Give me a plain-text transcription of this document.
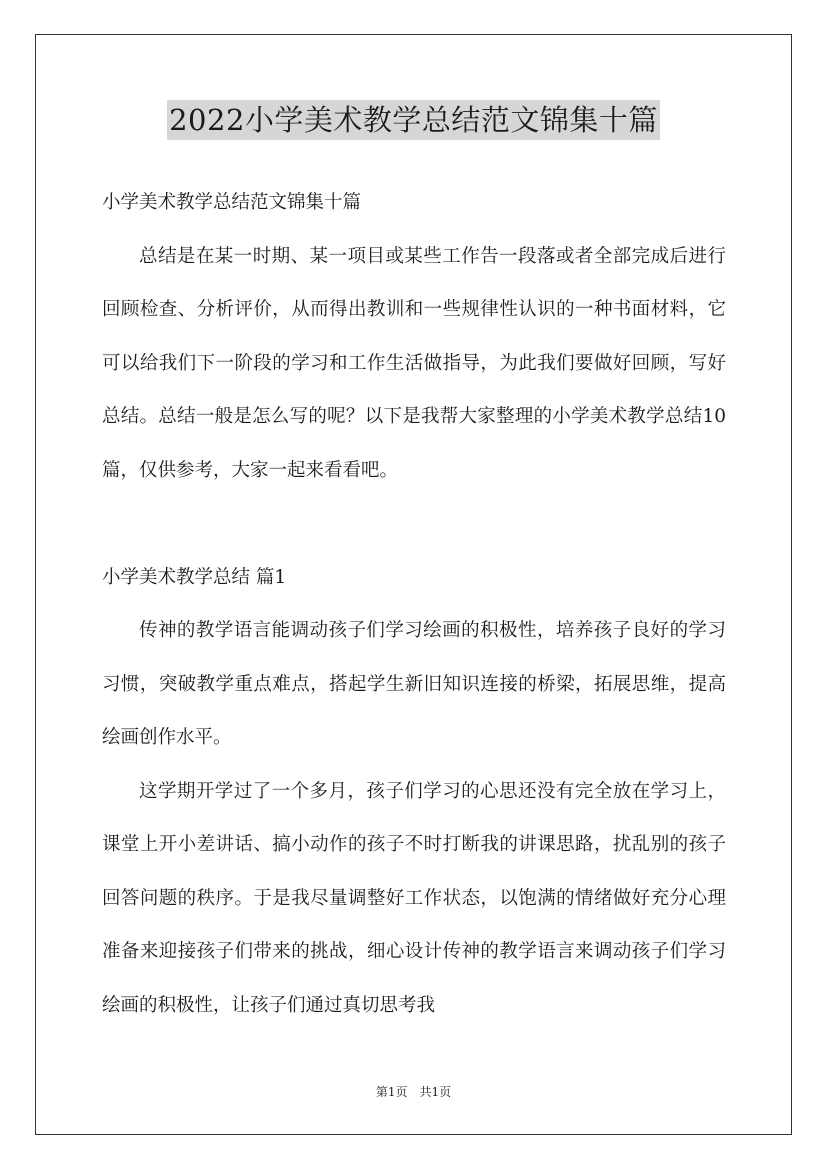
2022小学美术教学总结范文锦集十篇

小学美术教学总结范文锦集十篇

总结是在某一时期、某一项目或某些工作告一段落或者全部完成后进行回顾检查、分析评价，从而得出教训和一些规律性认识的一种书面材料，它可以给我们下一阶段的学习和工作生活做指导，为此我们要做好回顾，写好总结。总结一般是怎么写的呢？以下是我帮大家整理的小学美术教学总结10篇，仅供参考，大家一起来看看吧。

小学美术教学总结 篇1

传神的教学语言能调动孩子们学习绘画的积极性，培养孩子良好的学习习惯，突破教学重点难点，搭起学生新旧知识连接的桥梁，拓展思维，提高绘画创作水平。

这学期开学过了一个多月，孩子们学习的心思还没有完全放在学习上，课堂上开小差讲话、搞小动作的孩子不时打断我的讲课思路，扰乱别的孩子回答问题的秩序。于是我尽量调整好工作状态，以饱满的情绪做好充分心理准备来迎接孩子们带来的挑战，细心设计传神的教学语言来调动孩子们学习绘画的积极性，让孩子们通过真切思考我

第1页 共1页
